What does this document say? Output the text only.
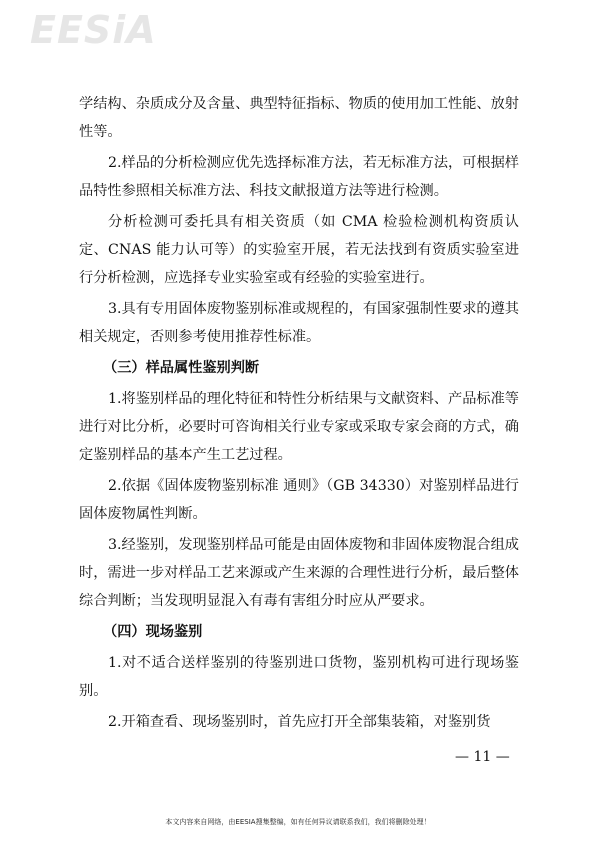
EESiA

学结构、杂质成分及含量、典型特征指标、物质的使用加工性能、放射性等。

2.样品的分析检测应优先选择标准方法，若无标准方法，可根据样品特性参照相关标准方法、科技文献报道方法等进行检测。

分析检测可委托具有相关资质（如 CMA 检验检测机构资质认定、CNAS 能力认可等）的实验室开展，若无法找到有资质实验室进行分析检测，应选择专业实验室或有经验的实验室进行。

3.具有专用固体废物鉴别标准或规程的，有国家强制性要求的遵其相关规定，否则参考使用推荐性标准。

（三）样品属性鉴别判断

1.将鉴别样品的理化特征和特性分析结果与文献资料、产品标准等进行对比分析，必要时可咨询相关行业专家或采取专家会商的方式，确定鉴别样品的基本产生工艺过程。

2.依据《固体废物鉴别标准 通则》（GB 34330）对鉴别样品进行固体废物属性判断。

3.经鉴别，发现鉴别样品可能是由固体废物和非固体废物混合组成时，需进一步对样品工艺来源或产生来源的合理性进行分析，最后整体综合判断；当发现明显混入有毒有害组分时应从严要求。

（四）现场鉴别

1.对不适合送样鉴别的待鉴别进口货物，鉴别机构可进行现场鉴别。

2.开箱查看、现场鉴别时，首先应打开全部集装箱，对鉴别货

— 11 —
本文内容来自网络，由EESIA搜集整编，如有任何异议请联系我们，我们将删除处理！
